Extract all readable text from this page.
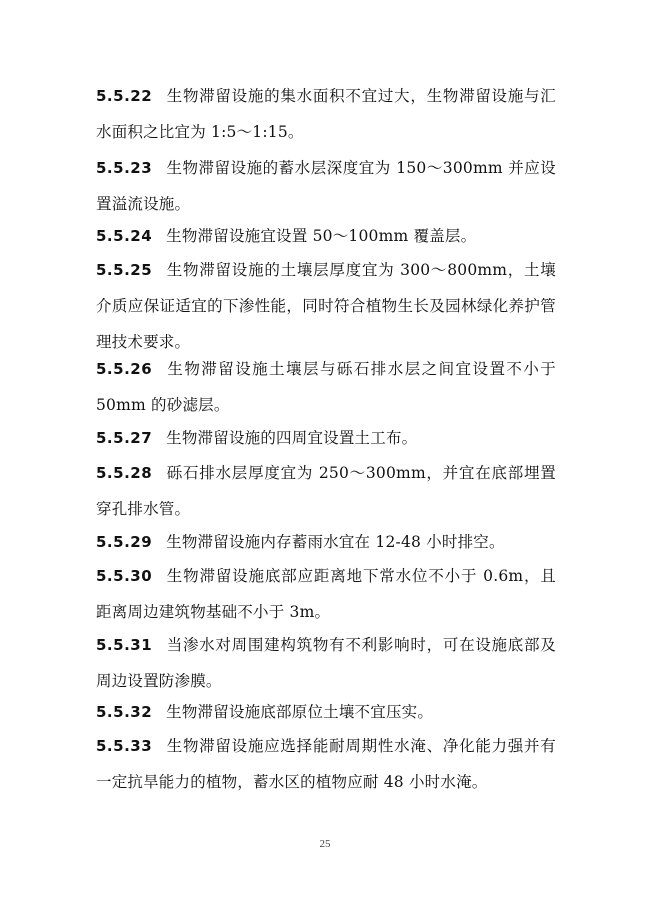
5.5.22 生物滞留设施的集水面积不宜过大，生物滞留设施与汇水面积之比宜为 1:5～1:15。

5.5.23 生物滞留设施的蓄水层深度宜为 150～300mm 并应设置溢流设施。

5.5.24 生物滞留设施宜设置 50～100mm 覆盖层。

5.5.25 生物滞留设施的土壤层厚度宜为 300～800mm，土壤介质应保证适宜的下渗性能，同时符合植物生长及园林绿化养护管理技术要求。

5.5.26 生物滞留设施土壤层与砾石排水层之间宜设置不小于 50mm 的砂滤层。

5.5.27 生物滞留设施的四周宜设置土工布。

5.5.28 砾石排水层厚度宜为 250～300mm，并宜在底部埋置穿孔排水管。

5.5.29 生物滞留设施内存蓄雨水宜在 12-48 小时排空。

5.5.30 生物滞留设施底部应距离地下常水位不小于 0.6m，且距离周边建筑物基础不小于 3m。

5.5.31 当渗水对周围建构筑物有不利影响时，可在设施底部及周边设置防渗膜。

5.5.32 生物滞留设施底部原位土壤不宜压实。

5.5.33 生物滞留设施应选择能耐周期性水淹、净化能力强并有一定抗旱能力的植物，蓄水区的植物应耐 48 小时水淹。

25
